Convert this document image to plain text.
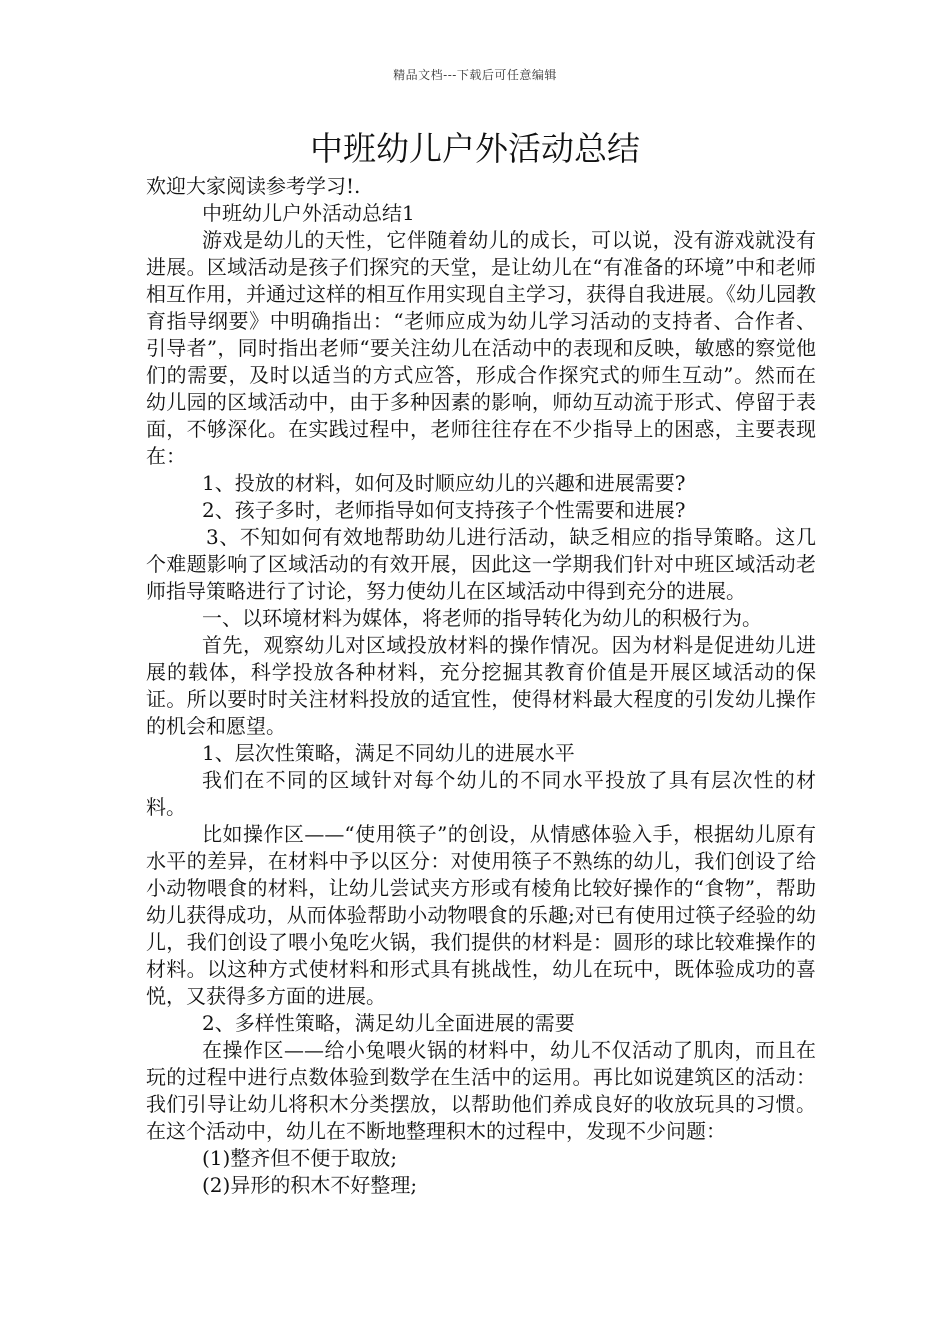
精品文档---下载后可任意编辑
中班幼儿户外活动总结

欢迎大家阅读参考学习!.

中班幼儿户外活动总结1

游戏是幼儿的天性，它伴随着幼儿的成长，可以说，没有游戏就没有进展。区域活动是孩子们探究的天堂，是让幼儿在“有准备的环境”中和老师相互作用，并通过这样的相互作用实现自主学习，获得自我进展。《幼儿园教育指导纲要》中明确指出：“老师应成为幼儿学习活动的支持者、合作者、引导者”，同时指出老师“要关注幼儿在活动中的表现和反映，敏感的察觉他们的需要，及时以适当的方式应答，形成合作探究式的师生互动”。然而在幼儿园的区域活动中，由于多种因素的影响，师幼互动流于形式、停留于表面，不够深化。在实践过程中，老师往往存在不少指导上的困惑，主要表现在：

1、投放的材料，如何及时顺应幼儿的兴趣和进展需要?

2、孩子多时，老师指导如何支持孩子个性需要和进展?

3、不知如何有效地帮助幼儿进行活动，缺乏相应的指导策略。这几个难题影响了区域活动的有效开展，因此这一学期我们针对中班区域活动老师指导策略进行了讨论，努力使幼儿在区域活动中得到充分的进展。

一、以环境材料为媒体，将老师的指导转化为幼儿的积极行为。

首先，观察幼儿对区域投放材料的操作情况。因为材料是促进幼儿进展的载体，科学投放各种材料，充分挖掘其教育价值是开展区域活动的保证。所以要时时关注材料投放的适宜性，使得材料最大程度的引发幼儿操作的机会和愿望。

1、层次性策略，满足不同幼儿的进展水平

我们在不同的区域针对每个幼儿的不同水平投放了具有层次性的材料。

比如操作区——“使用筷子”的创设，从情感体验入手，根据幼儿原有水平的差异，在材料中予以区分：对使用筷子不熟练的幼儿，我们创设了给小动物喂食的材料，让幼儿尝试夹方形或有棱角比较好操作的“食物”，帮助幼儿获得成功，从而体验帮助小动物喂食的乐趣;对已有使用过筷子经验的幼儿，我们创设了喂小兔吃火锅，我们提供的材料是：圆形的球比较难操作的材料。以这种方式使材料和形式具有挑战性，幼儿在玩中，既体验成功的喜悦，又获得多方面的进展。

2、多样性策略，满足幼儿全面进展的需要

在操作区——给小兔喂火锅的材料中，幼儿不仅活动了肌肉，而且在玩的过程中进行点数体验到数学在生活中的运用。再比如说建筑区的活动：我们引导让幼儿将积木分类摆放，以帮助他们养成良好的收放玩具的习惯。在这个活动中，幼儿在不断地整理积木的过程中，发现不少问题：

(1)整齐但不便于取放;

(2)异形的积木不好整理;
